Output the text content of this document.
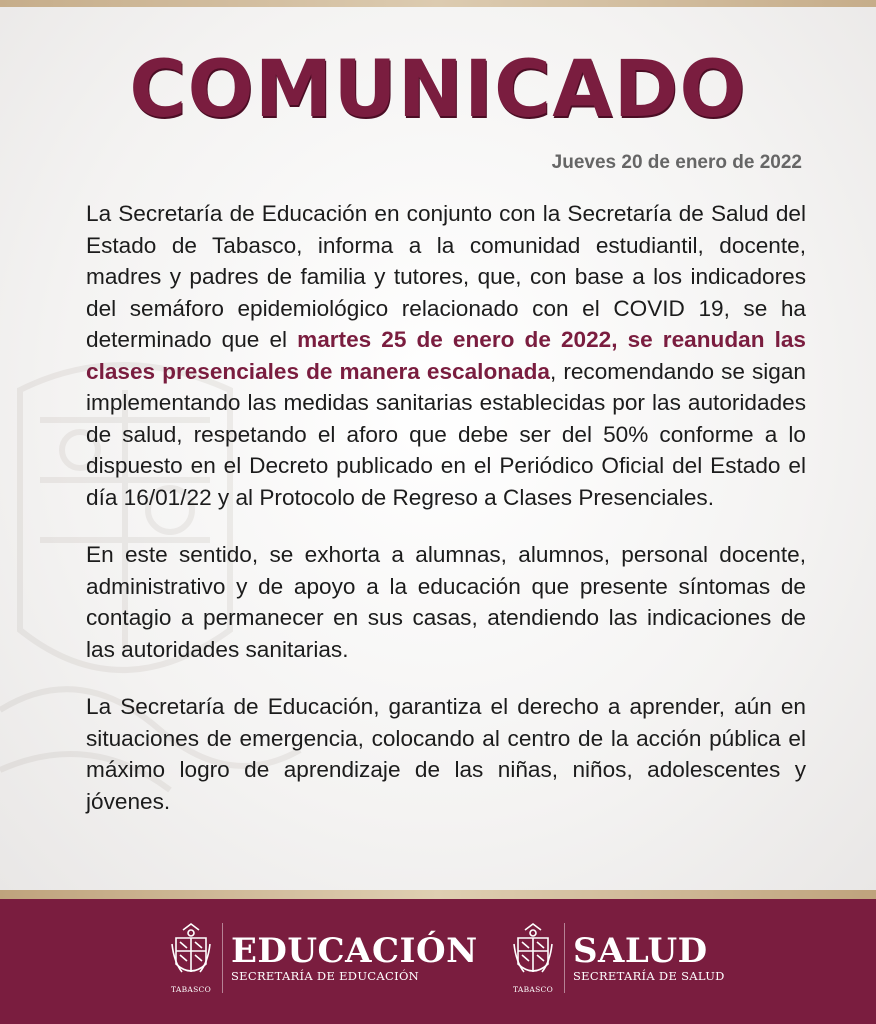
COMUNICADO
Jueves 20 de enero de 2022

La Secretaría de Educación en conjunto con la Secretaría de Salud del Estado de Tabasco, informa a la comunidad estudiantil, docente, madres y padres de familia y tutores, que, con base a los indicadores del semáforo epidemiológico relacionado con el COVID 19, se ha determinado que el martes 25 de enero de 2022, se reanudan las clases presenciales de manera escalonada, recomendando se sigan implementando las medidas sanitarias establecidas por las autoridades de salud, respetando el aforo que debe ser del 50% conforme a lo dispuesto en el Decreto publicado en el Periódico Oficial del Estado el día 16/01/22 y al Protocolo de Regreso a Clases Presenciales.

En este sentido, se exhorta a alumnas, alumnos, personal docente, administrativo y de apoyo a la educación que presente síntomas de contagio a permanecer en sus casas, atendiendo las indicaciones de las autoridades sanitarias.

La Secretaría de Educación, garantiza el derecho a aprender, aún en situaciones de emergencia, colocando al centro de la acción pública el máximo logro de aprendizaje de las niñas, niños, adolescentes y jóvenes.

TABASCO
EDUCACIÓN
SECRETARÍA DE EDUCACIÓN
TABASCO
SALUD
SECRETARÍA DE SALUD
